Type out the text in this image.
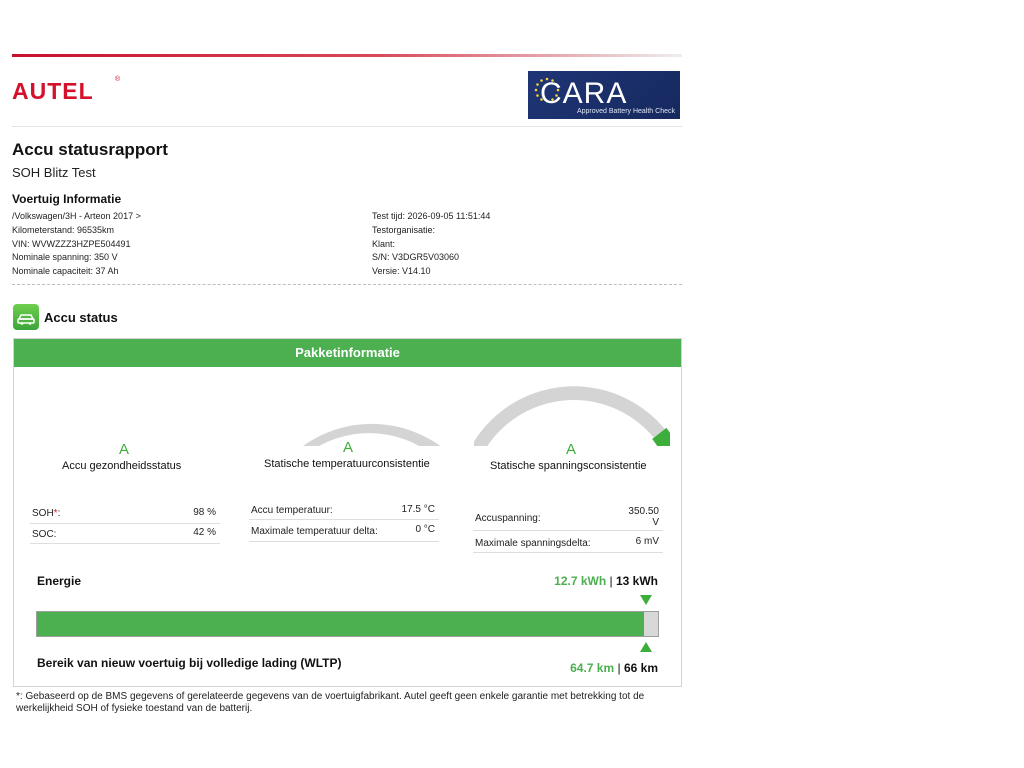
AUTEL	®	CARA
Approved Battery Health Check
Accu statusrapport
SOH Blitz Test
Voertuig Informatie
/Volkswagen/3H - Arteon 2017 >
Kilometerstand: 96535km
VIN: WVWZZZ3HZPE504491
Nominale spanning: 350 V
Nominale capaciteit: 37 Ah
Test tijd: 2026-09-05 11:51:44
Testorganisatie:
Klant:
S/N: V3DGR5V03060
Versie: V14.10
Accu status
Pakketinformatie
A
Accu gezondheidsstatus
A
Statische temperatuurconsistentie
A
Statische spanningsconsistentie
SOH*:	98 %
SOC:	42 %
Accu temperatuur:	17.5 °C
Maximale temperatuur delta:	0 °C
Accuspanning:
350.50
V
Maximale spanningsdelta:	6 mV
Energie	12.7 kWh | 13 kWh
Bereik van nieuw voertuig bij volledige lading (WLTP)	64.7 km | 66 km
*: Gebaseerd op de BMS gegevens of gerelateerde gegevens van de voertuigfabrikant. Autel geeft geen enkele garantie met betrekking tot de werkelijkheid SOH of fysieke toestand van de batterij.
